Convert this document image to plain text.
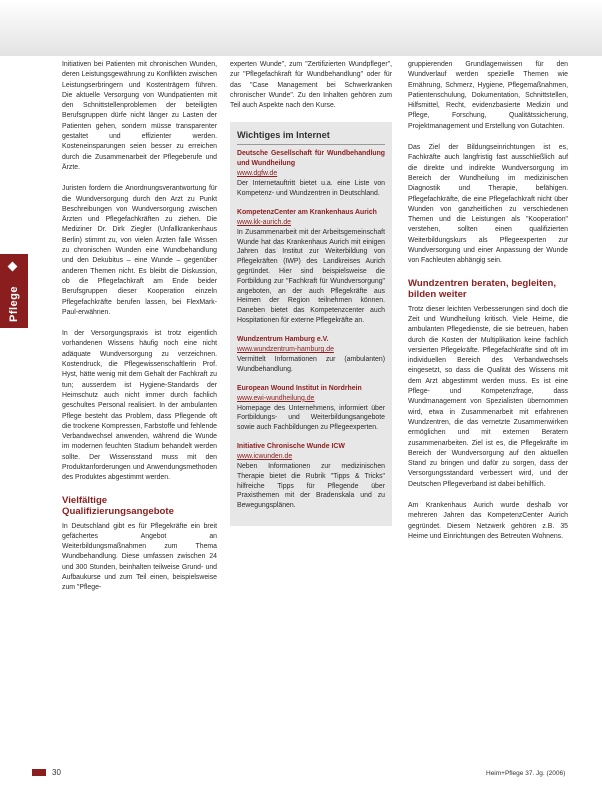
Pflege

Initiativen bei Patienten mit chronischen Wunden, deren Leistungsgewährung zu Konflikten zwischen Leistungserbringern und Kostenträgern führen. Die aktuelle Versorgung von Wundpatienten mit den Schnittstellenproblemen der beteiligten Berufsgruppen dürfe nicht länger zu Lasten der Patienten gehen, sondern müsse transparenter gestaltet und effizienter werden. Kosteneinsparungen seien besser zu erreichen durch die Zusammenarbeit der Pflegeberufe und Ärzte.

Juristen fordern die Anordnungsverantwortung für die Wundversorgung durch den Arzt zu Punkt Beschreibungen von Wundversorgung zwischen Ärzten und Pflegefachkräften zu ziehen. Die Mediziner Dr. Dirk Ziegler (Unfallkrankenhaus Berlin) stimmt zu, von vielen Ärzten falle Wissen zu chronischen Wunden eine Wundbehandlung und den Dekubitus – eine Wunde – gegenüber anderen Themen nicht. Es bleibt die Diskussion, ob die Pflegefachkraft am Ende beider Berufsgruppen dieser Kooperation einzeln Pflegefachkräfte berufen lassen, bei FlexMark-Paul-erwähnen.

In der Versorgungspraxis ist trotz eigentlich vorhandenen Wissens häufig noch eine nicht adäquate Wundversorgung zu verzeichnen. Kostendruck, die Pflegewissenschaftlerin Prof. Hyst, hätte wenig mit dem Gehalt der Fachkraft zu tun; ausserdem ist Hygiene-Standards der Heimschutz auch nicht immer durch fachlich geschultes Personal realisiert. In der ambulanten Pflege besteht das Problem, dass Pflegende oft die trockene Kompressen, Farbstoffe und fehlende Verbandwechsel anwenden, während die Wunde im modernen feuchten Stadium behandelt werden sollte. Der Wissensstand muss mit den Produktanforderungen und Anwendungsmethoden des Produktes abgestimmt werden.

Vielfältige Qualifizierungsangebote

In Deutschland gibt es für Pflegekräfte ein breit gefächertes Angebot an Weiterbildungsmaßnahmen zum Thema Wundbehandlung. Diese umfassen zwischen 24 und 300 Stunden, beinhalten teilweise Grund- und Aufbaukurse und zum Teil einen, beispielsweise zum "Pflege-

experten Wunde", zum "Zertifizierten Wundpfleger", zur "Pflegefachkraft für Wundbehandlung" oder für das "Case Management bei Schwerkranken chronischer Wunde". Zu den Inhalten gehören zum Teil auch Aspekte nach den Kurse.

Wichtiges im Internet
Deutsche Gesellschaft für Wundbehandlung und Wundheilung
www.dgfw.de
Der Internetauftritt bietet u.a. eine Liste von Kompetenz- und Wundzentren in Deutschland.
KompetenzCenter am Krankenhaus Aurich
www.kk-aurich.de
In Zusammenarbeit mit der Arbeitsgemeinschaft Wunde hat das Krankenhaus Aurich mit einigen Jahren das Institut zur Weiterbildung von Pflegekräften (IWP) des Landkreises Aurich gegründet. Hier sind beispielsweise die Fortbildung zur "Fachkraft für Wundversorgung" angeboten, an der auch Pflegekräfte aus Heimen der Region teilnehmen können. Daneben bietet das Kompetenzcenter auch Hospitationen für externe Pflegekräfte an.
Wundzentrum Hamburg e.V.
www.wundzentrum-hamburg.de
Vermittelt Informationen zur (ambulanten) Wundbehandlung.
European Wound Institut in Nordrhein
www.ewi-wundheilung.de
Homepage des Unternehmens, informiert über Fortbildungs- und Weiterbildungsangebote sowie auch Fachbildungen zu Pflegeexperten.
Initiative Chronische Wunde ICW
www.icwunden.de
Neben Informationen zur medizinischen Therapie bietet die Rubrik "Tipps & Tricks" hilfreiche Tipps für Pflegende über Praxisthemen mit der Bradenskala und zu Bewegungsplänen.

gruppierenden Grundlagenwissen für den Wundverlauf werden spezielle Themen wie Ernährung, Schmerz, Hygiene, Pflegemaßnahmen, Patientenschulung, Dokumentation, Schnittstellen, Hilfsmittel, Recht, evidenzbasierte Medizin und Pflege, Forschung, Qualitätssicherung, Projektmanagement und Erstellung von Gutachten.

Das Ziel der Bildungseinrichtungen ist es, Fachkräfte auch langfristig fast ausschließlich auf die direkte und indirekte Wundversorgung im Bereich der Wundheilung im medizinischen Diagnostik und Therapie, befähigen. Pflegefachkräfte, die eine Pflegefachkraft nicht über Wunden von ganzheitlichen zu verschiedenen Themen und die Leistungen als "Kooperation" verstehen, sollten einen qualifizierten Weiterbildungskurs als Pflegeexperten zur Wundversorgung und einer Anpassung der Wunde von Fachleuten abhängig sein.

Wundzentren beraten, begleiten, bilden weiter

Trotz dieser leichten Verbesserungen sind doch die Zeit und Wundheilung kritisch. Viele Heime, die ambulanten Pflegedienste, die sie betreuen, haben durch die Kosten der Multiplikation keine fachlich versierten Pflegekräfte. Pflegefachkräfte sind oft im individuellen Bereich des Verbandwechsels eingesetzt, so dass die Qualität des Wissens mit dem Arzt abgestimmt werden muss. Es ist eine Pflege- und Kompetenzfrage, dass Wundmanagement von Spezialisten übernommen wird, etwa in Zusammenarbeit mit erfahrenen Wundzentren, die das vernetzte Zusammenwirken ermöglichen und mit externen Beratern zusammenarbeiten. Ziel ist es, die Pflegekräfte im Bereich der Wundversorgung auf den aktuellen Stand zu bringen und dafür zu sorgen, dass der Versorgungsstandard verbessert wird, und der Deutschen Pflegeverband ist dabei behilflich.

Am Krankenhaus Aurich wurde deshalb vor mehreren Jahren das KompetenzCenter Aurich gegründet. Diesem Netzwerk gehören z.B. 35 Heime und Einrichtungen des Betreuten Wohnens.

30	Heim+Pflege 37. Jg. (2006)
